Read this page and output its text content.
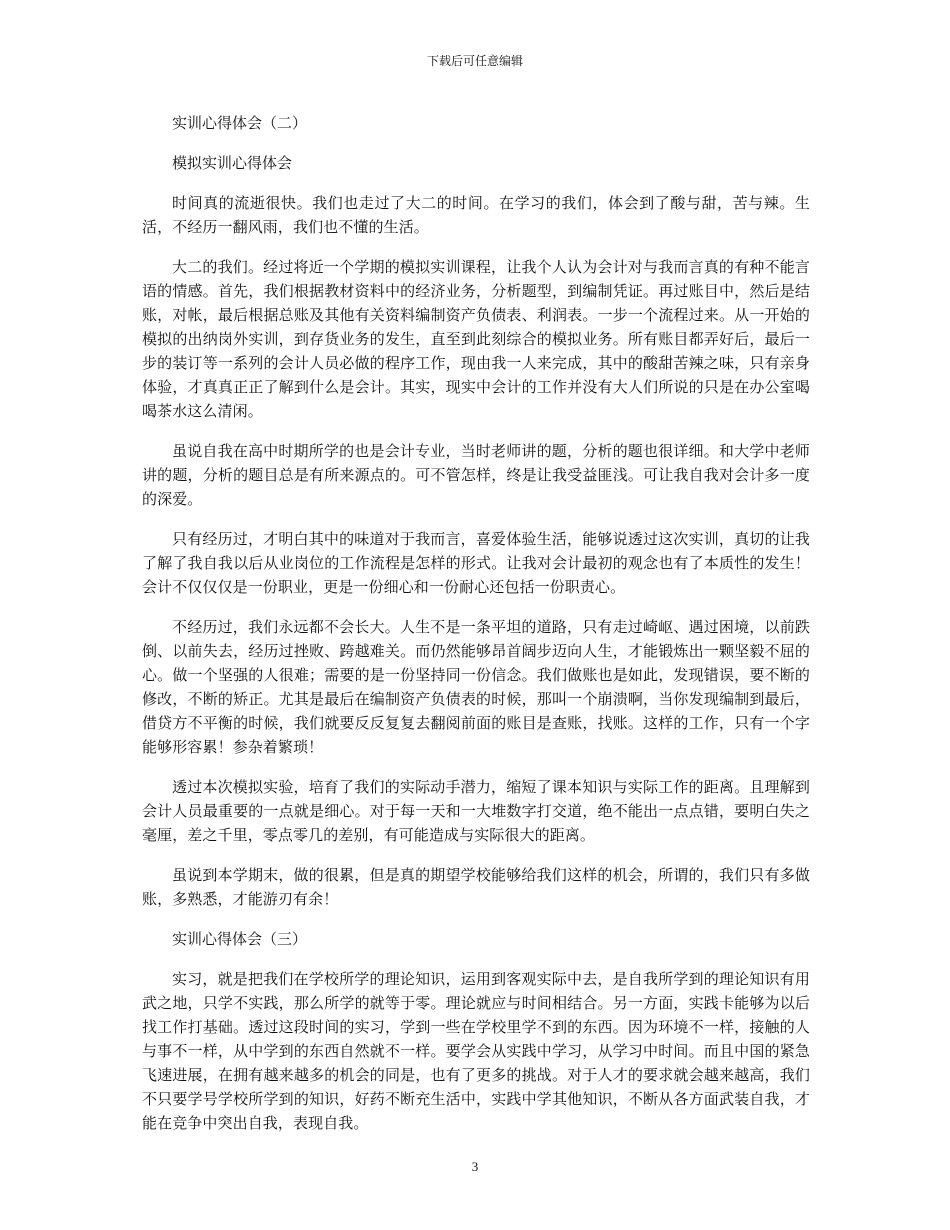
下载后可任意编辑

实训心得体会（二）

模拟实训心得体会

时间真的流逝很快。我们也走过了大二的时间。在学习的我们，体会到了酸与甜，苦与辣。生活，不经历一翻风雨，我们也不懂的生活。

大二的我们。经过将近一个学期的模拟实训课程，让我个人认为会计对与我而言真的有种不能言语的情感。首先，我们根据教材资料中的经济业务，分析题型，到编制凭证。再过账目中，然后是结账，对帐，最后根据总账及其他有关资料编制资产负债表、利润表。一步一个流程过来。从一开始的模拟的出纳岗外实训，到存货业务的发生，直至到此刻综合的模拟业务。所有账目都弄好后，最后一步的装订等一系列的会计人员必做的程序工作，现由我一人来完成，其中的酸甜苦辣之味，只有亲身体验，才真真正正了解到什么是会计。其实，现实中会计的工作并没有大人们所说的只是在办公室喝喝茶水这么清闲。

虽说自我在高中时期所学的也是会计专业，当时老师讲的题，分析的题也很详细。和大学中老师讲的题，分析的题目总是有所来源点的。可不管怎样，终是让我受益匪浅。可让我自我对会计多一度的深爱。

只有经历过，才明白其中的味道对于我而言，喜爱体验生活，能够说透过这次实训，真切的让我了解了我自我以后从业岗位的工作流程是怎样的形式。让我对会计最初的观念也有了本质性的发生！会计不仅仅仅是一份职业，更是一份细心和一份耐心还包括一份职责心。

不经历过，我们永远都不会长大。人生不是一条平坦的道路，只有走过崎岖、遇过困境，以前跌倒、以前失去，经历过挫败、跨越难关。而仍然能够昂首阔步迈向人生，才能锻炼出一颗坚毅不屈的心。做一个坚强的人很难；需要的是一份坚持同一份信念。我们做账也是如此，发现错误，要不断的修改，不断的矫正。尤其是最后在编制资产负债表的时候，那叫一个崩溃啊，当你发现编制到最后，借贷方不平衡的时候，我们就要反反复复去翻阅前面的账目是查账，找账。这样的工作，只有一个字能够形容累！参杂着繁琐！

透过本次模拟实验，培育了我们的实际动手潜力，缩短了课本知识与实际工作的距离。且理解到会计人员最重要的一点就是细心。对于每一天和一大堆数字打交道，绝不能出一点点错，要明白失之毫厘，差之千里，零点零几的差别，有可能造成与实际很大的距离。

虽说到本学期末，做的很累，但是真的期望学校能够给我们这样的机会，所谓的，我们只有多做账，多熟悉，才能游刃有余！

实训心得体会（三）

实习，就是把我们在学校所学的理论知识，运用到客观实际中去，是自我所学到的理论知识有用武之地，只学不实践，那么所学的就等于零。理论就应与时间相结合。另一方面，实践卡能够为以后找工作打基础。透过这段时间的实习，学到一些在学校里学不到的东西。因为环境不一样，接触的人与事不一样，从中学到的东西自然就不一样。要学会从实践中学习，从学习中时间。而且中国的紧急飞速进展，在拥有越来越多的机会的同是，也有了更多的挑战。对于人才的要求就会越来越高，我们不只要学号学校所学到的知识，好药不断充生活中，实践中学其他知识，不断从各方面武装自我，才能在竞争中突出自我，表现自我。

3
